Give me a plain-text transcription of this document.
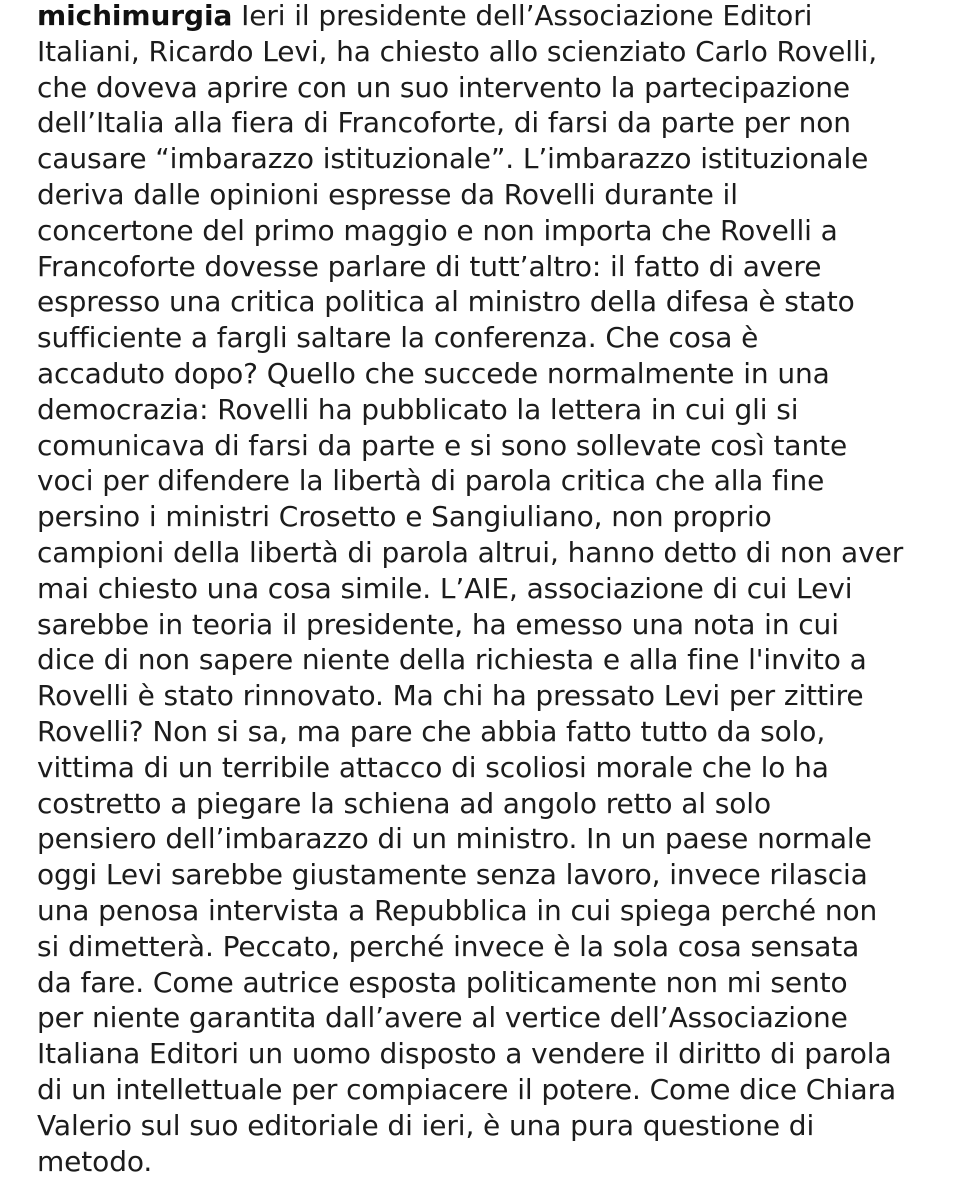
michimurgia Ieri il presidente dell’Associazione Editori
Italiani, Ricardo Levi, ha chiesto allo scienziato Carlo Rovelli,
che doveva aprire con un suo intervento la partecipazione
dell’Italia alla fiera di Francoforte, di farsi da parte per non
causare “imbarazzo istituzionale”. L’imbarazzo istituzionale
deriva dalle opinioni espresse da Rovelli durante il
concertone del primo maggio e non importa che Rovelli a
Francoforte dovesse parlare di tutt’altro: il fatto di avere
espresso una critica politica al ministro della difesa è stato
sufficiente a fargli saltare la conferenza. Che cosa è
accaduto dopo? Quello che succede normalmente in una
democrazia: Rovelli ha pubblicato la lettera in cui gli si
comunicava di farsi da parte e si sono sollevate così tante
voci per difendere la libertà di parola critica che alla fine
persino i ministri Crosetto e Sangiuliano, non proprio
campioni della libertà di parola altrui, hanno detto di non aver
mai chiesto una cosa simile. L’AIE, associazione di cui Levi
sarebbe in teoria il presidente, ha emesso una nota in cui
dice di non sapere niente della richiesta e alla fine l'invito a
Rovelli è stato rinnovato. Ma chi ha pressato Levi per zittire
Rovelli? Non si sa, ma pare che abbia fatto tutto da solo,
vittima di un terribile attacco di scoliosi morale che lo ha
costretto a piegare la schiena ad angolo retto al solo
pensiero dell’imbarazzo di un ministro. In un paese normale
oggi Levi sarebbe giustamente senza lavoro, invece rilascia
una penosa intervista a Repubblica in cui spiega perché non
si dimetterà. Peccato, perché invece è la sola cosa sensata
da fare. Come autrice esposta politicamente non mi sento
per niente garantita dall’avere al vertice dell’Associazione
Italiana Editori un uomo disposto a vendere il diritto di parola
di un intellettuale per compiacere il potere. Come dice Chiara
Valerio sul suo editoriale di ieri, è una pura questione di
metodo.
